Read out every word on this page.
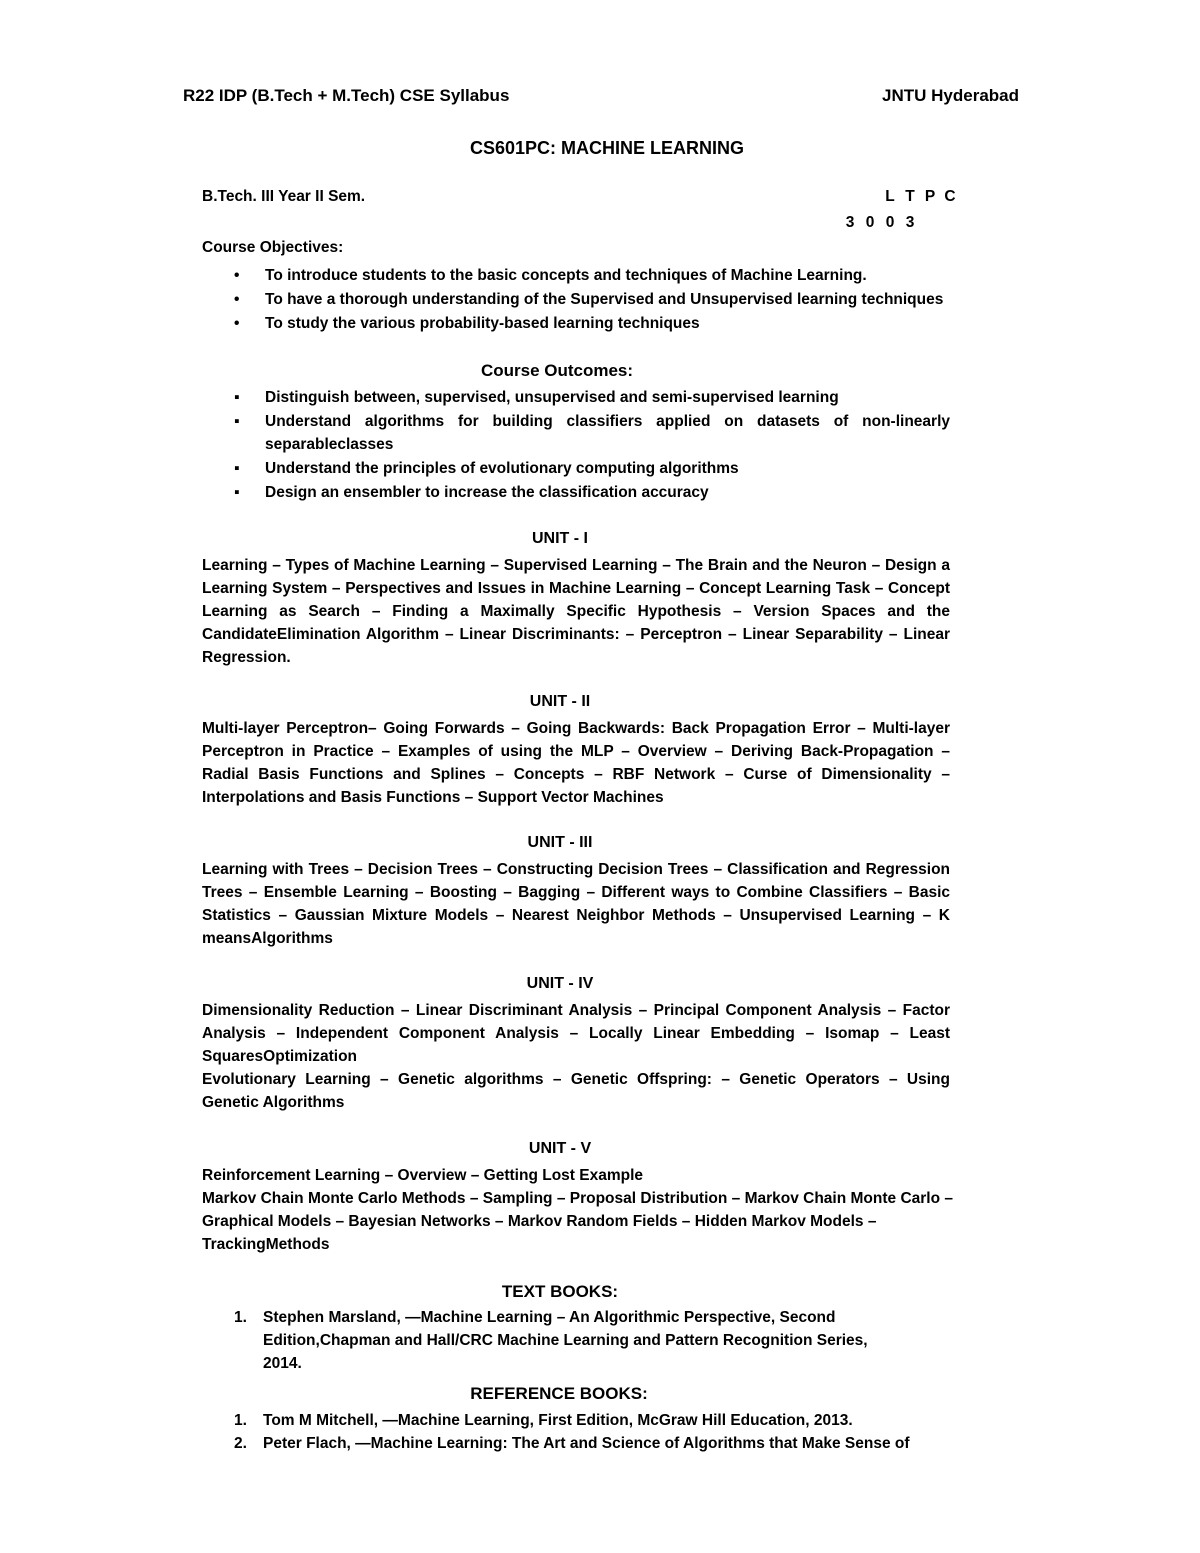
R22 IDP (B.Tech + M.Tech) CSE Syllabus	JNTU Hyderabad
CS601PC: MACHINE LEARNING
B.Tech. III Year II Sem.	L T P C
3 0 0 3
Course Objectives:
• To introduce students to the basic concepts and techniques of Machine Learning.
• To have a thorough understanding of the Supervised and Unsupervised learning techniques
• To study the various probability-based learning techniques
Course Outcomes:
▪ Distinguish between, supervised, unsupervised and semi-supervised learning
▪ Understand algorithms for building classifiers applied on datasets of non-linearly separableclasses
▪ Understand the principles of evolutionary computing algorithms
▪ Design an ensembler to increase the classification accuracy
UNIT - I

Learning – Types of Machine Learning – Supervised Learning – The Brain and the Neuron – Design a Learning System – Perspectives and Issues in Machine Learning – Concept Learning Task – Concept Learning as Search – Finding a Maximally Specific Hypothesis – Version Spaces and the CandidateElimination Algorithm – Linear Discriminants: – Perceptron – Linear Separability – Linear Regression.

UNIT - II

Multi-layer Perceptron– Going Forwards – Going Backwards: Back Propagation Error – Multi-layer Perceptron in Practice – Examples of using the MLP – Overview – Deriving Back-Propagation – Radial Basis Functions and Splines – Concepts – RBF Network – Curse of Dimensionality – Interpolations and Basis Functions – Support Vector Machines

UNIT - III

Learning with Trees – Decision Trees – Constructing Decision Trees – Classification and Regression Trees – Ensemble Learning – Boosting – Bagging – Different ways to Combine Classifiers – Basic Statistics – Gaussian Mixture Models – Nearest Neighbor Methods – Unsupervised Learning – K meansAlgorithms

UNIT - IV

Dimensionality Reduction – Linear Discriminant Analysis – Principal Component Analysis – Factor Analysis – Independent Component Analysis – Locally Linear Embedding – Isomap – Least SquaresOptimization

Evolutionary Learning – Genetic algorithms – Genetic Offspring: – Genetic Operators – Using Genetic Algorithms

UNIT - V

Reinforcement Learning – Overview – Getting Lost Example

Markov Chain Monte Carlo Methods – Sampling – Proposal Distribution – Markov Chain Monte Carlo – Graphical Models – Bayesian Networks – Markov Random Fields – Hidden Markov Models – TrackingMethods

TEXT BOOKS:
1. Stephen Marsland, ―Machine Learning – An Algorithmic Perspective, Second Edition,Chapman and Hall/CRC Machine Learning and Pattern Recognition Series, 2014.
REFERENCE BOOKS:
1. Tom M Mitchell, —Machine Learning, First Edition, McGraw Hill Education, 2013.
2. Peter Flach, —Machine Learning: The Art and Science of Algorithms that Make Sense of
